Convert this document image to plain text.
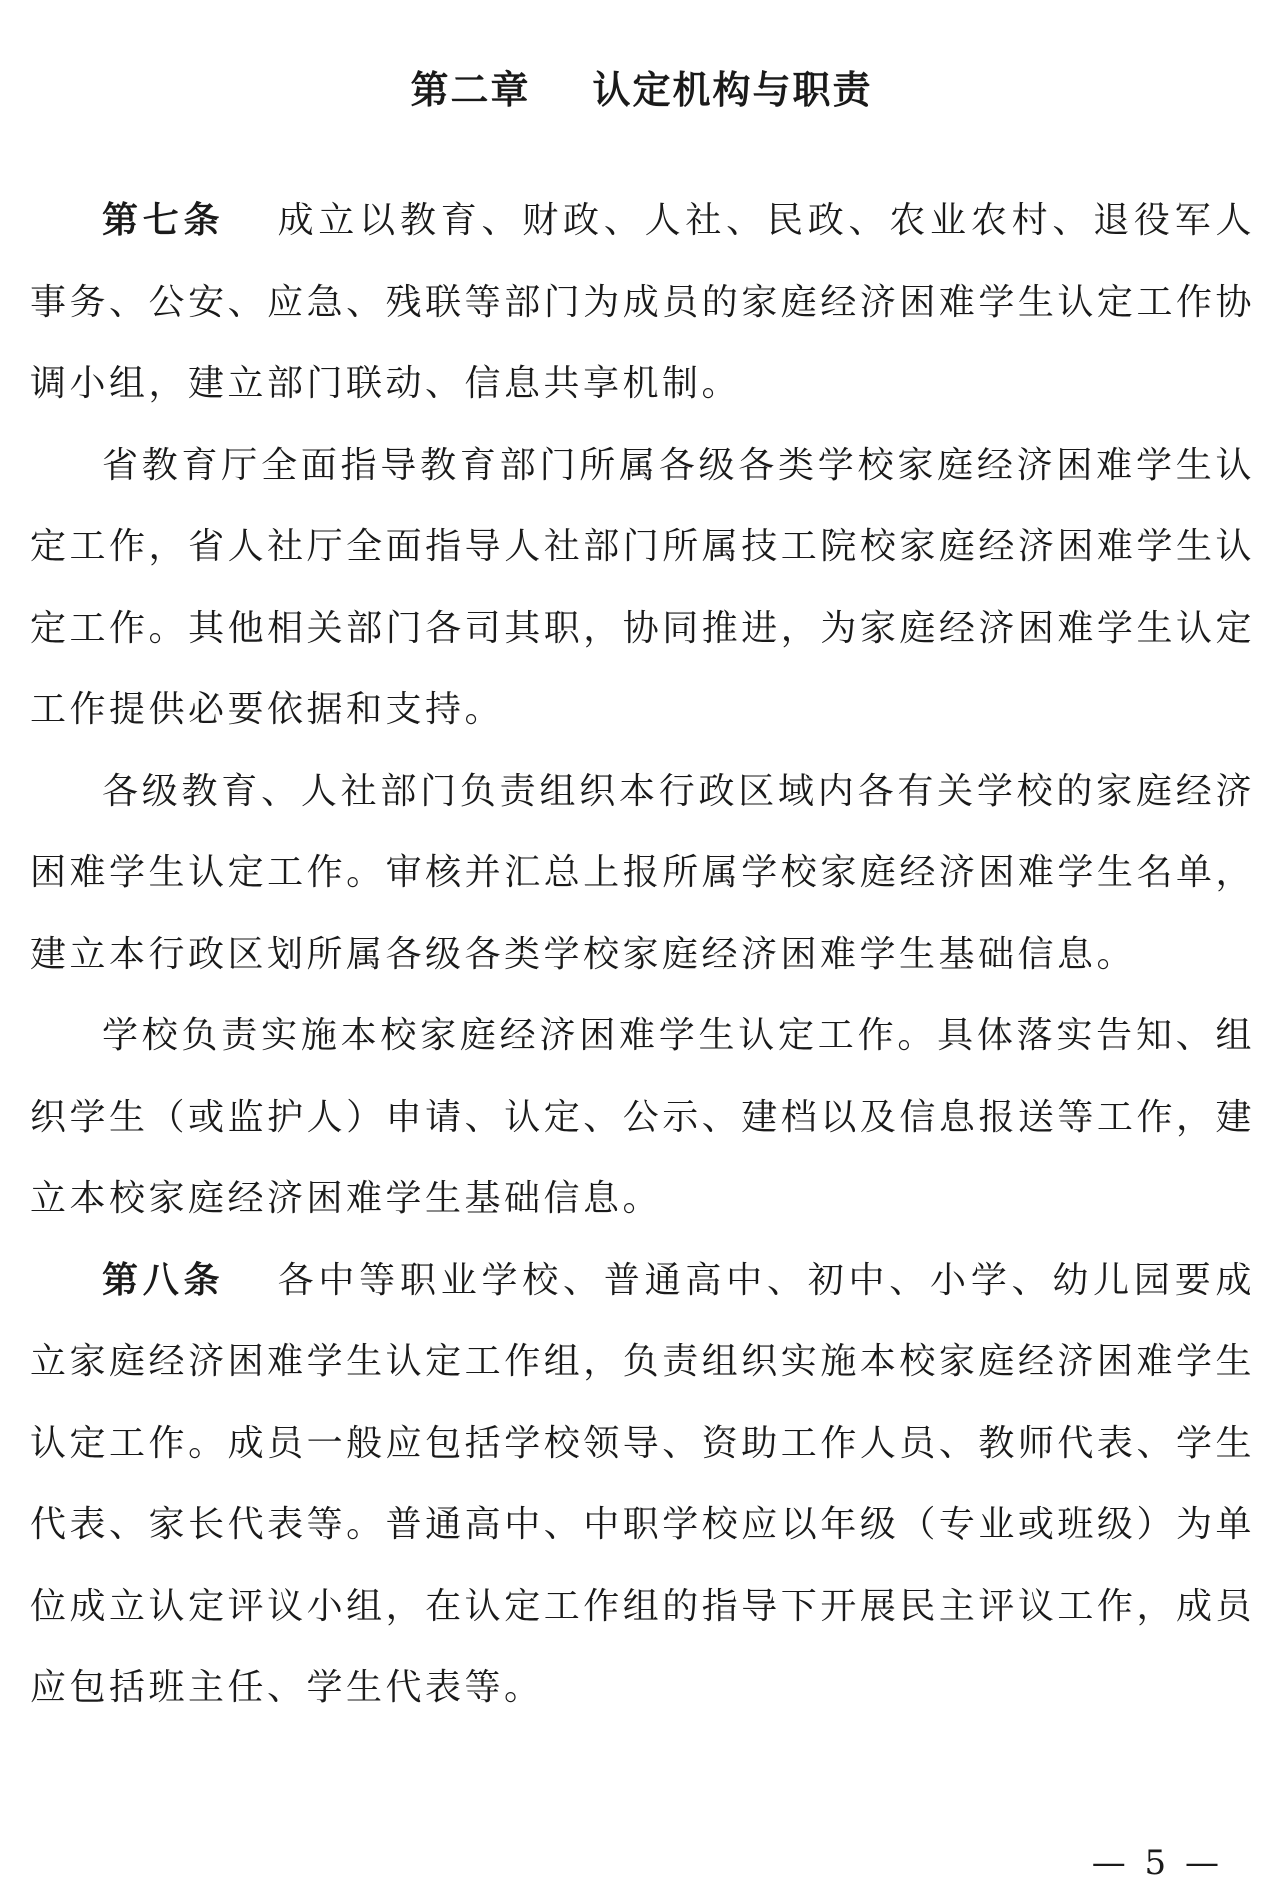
第二章 认定机构与职责

第七条 成立以教育、财政、人社、民政、农业农村、退役军人事务、公安、应急、残联等部门为成员的家庭经济困难学生认定工作协调小组，建立部门联动、信息共享机制。

省教育厅全面指导教育部门所属各级各类学校家庭经济困难学生认定工作，省人社厅全面指导人社部门所属技工院校家庭经济困难学生认定工作。其他相关部门各司其职，协同推进，为家庭经济困难学生认定工作提供必要依据和支持。

各级教育、人社部门负责组织本行政区域内各有关学校的家庭经济困难学生认定工作。审核并汇总上报所属学校家庭经济困难学生名单，建立本行政区划所属各级各类学校家庭经济困难学生基础信息。

学校负责实施本校家庭经济困难学生认定工作。具体落实告知、组织学生（或监护人）申请、认定、公示、建档以及信息报送等工作，建立本校家庭经济困难学生基础信息。

第八条 各中等职业学校、普通高中、初中、小学、幼儿园要成立家庭经济困难学生认定工作组，负责组织实施本校家庭经济困难学生认定工作。成员一般应包括学校领导、资助工作人员、教师代表、学生代表、家长代表等。普通高中、中职学校应以年级（专业或班级）为单位成立认定评议小组，在认定工作组的指导下开展民主评议工作，成员应包括班主任、学生代表等。

— 5 —
